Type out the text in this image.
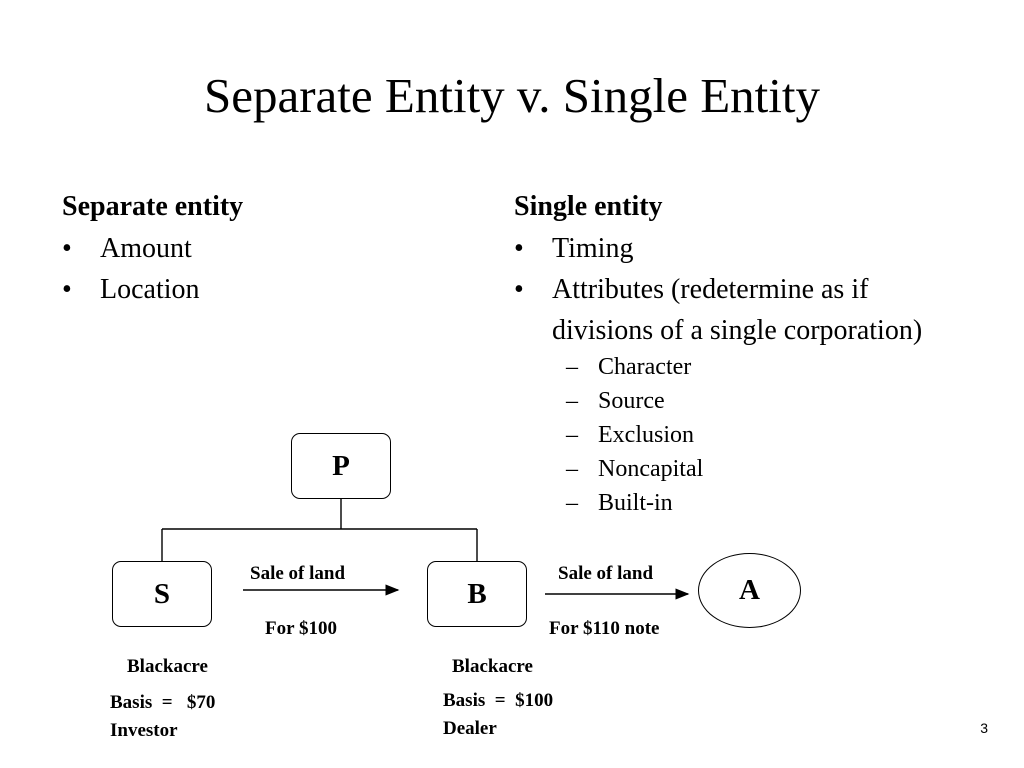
Separate Entity v. Single Entity
Separate entity
• Amount
• Location
Single entity
• Timing
• Attributes (redetermine as if
divisions of a single corporation)
– Character
– Source
– Exclusion
– Noncapital
– Built-in
P
S	B	A
Sale of land
For $100
Sale of land
For $110 note
Blackacre
Basis  =   $70
Investor
Blackacre
Basis  =  $100
Dealer	3
